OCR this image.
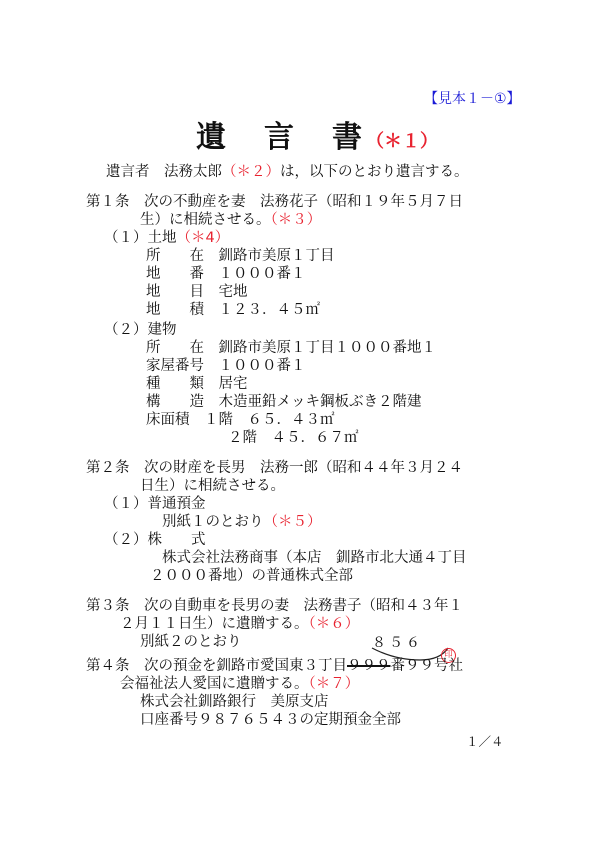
【見本１－①】
遺　言　書（＊１）
遺言者　法務太郎（＊２）は，以下のとおり遺言する。
第１条　次の不動産を妻　法務花子（昭和１９年５月７日
生）に相続させる。（＊３）
（１）土地（＊4）
所　　在　釧路市美原１丁目
地　　番　１０００番１
地　　目　宅地
地　　積　１２３．４５㎡
（２）建物
所　　在　釧路市美原１丁目１０００番地１
家屋番号　１０００番１
種　　類　居宅
構　　造　木造亜鉛メッキ鋼板ぶき２階建
床面積　１階　６５．４３㎡
２階　４５．６７㎡
第２条　次の財産を長男　法務一郎（昭和４４年３月２４
日生）に相続させる。
（１）普通預金
別紙１のとおり（＊５）
（２）株　　式
株式会社法務商事（本店　釧路市北大通４丁目
２０００番地）の普通株式全部
第３条　次の自動車を長男の妻　法務書子（昭和４３年１
２月１１日生）に遺贈する。（＊６）
別紙２のとおり	８５６
印
第４条　次の預金を釧路市愛国東３丁目９９９番９９号社
会福祉法人愛国に遺贈する。（＊７）
株式会社釧路銀行　美原支店
口座番号９８７６５４３の定期預金全部
１／４
